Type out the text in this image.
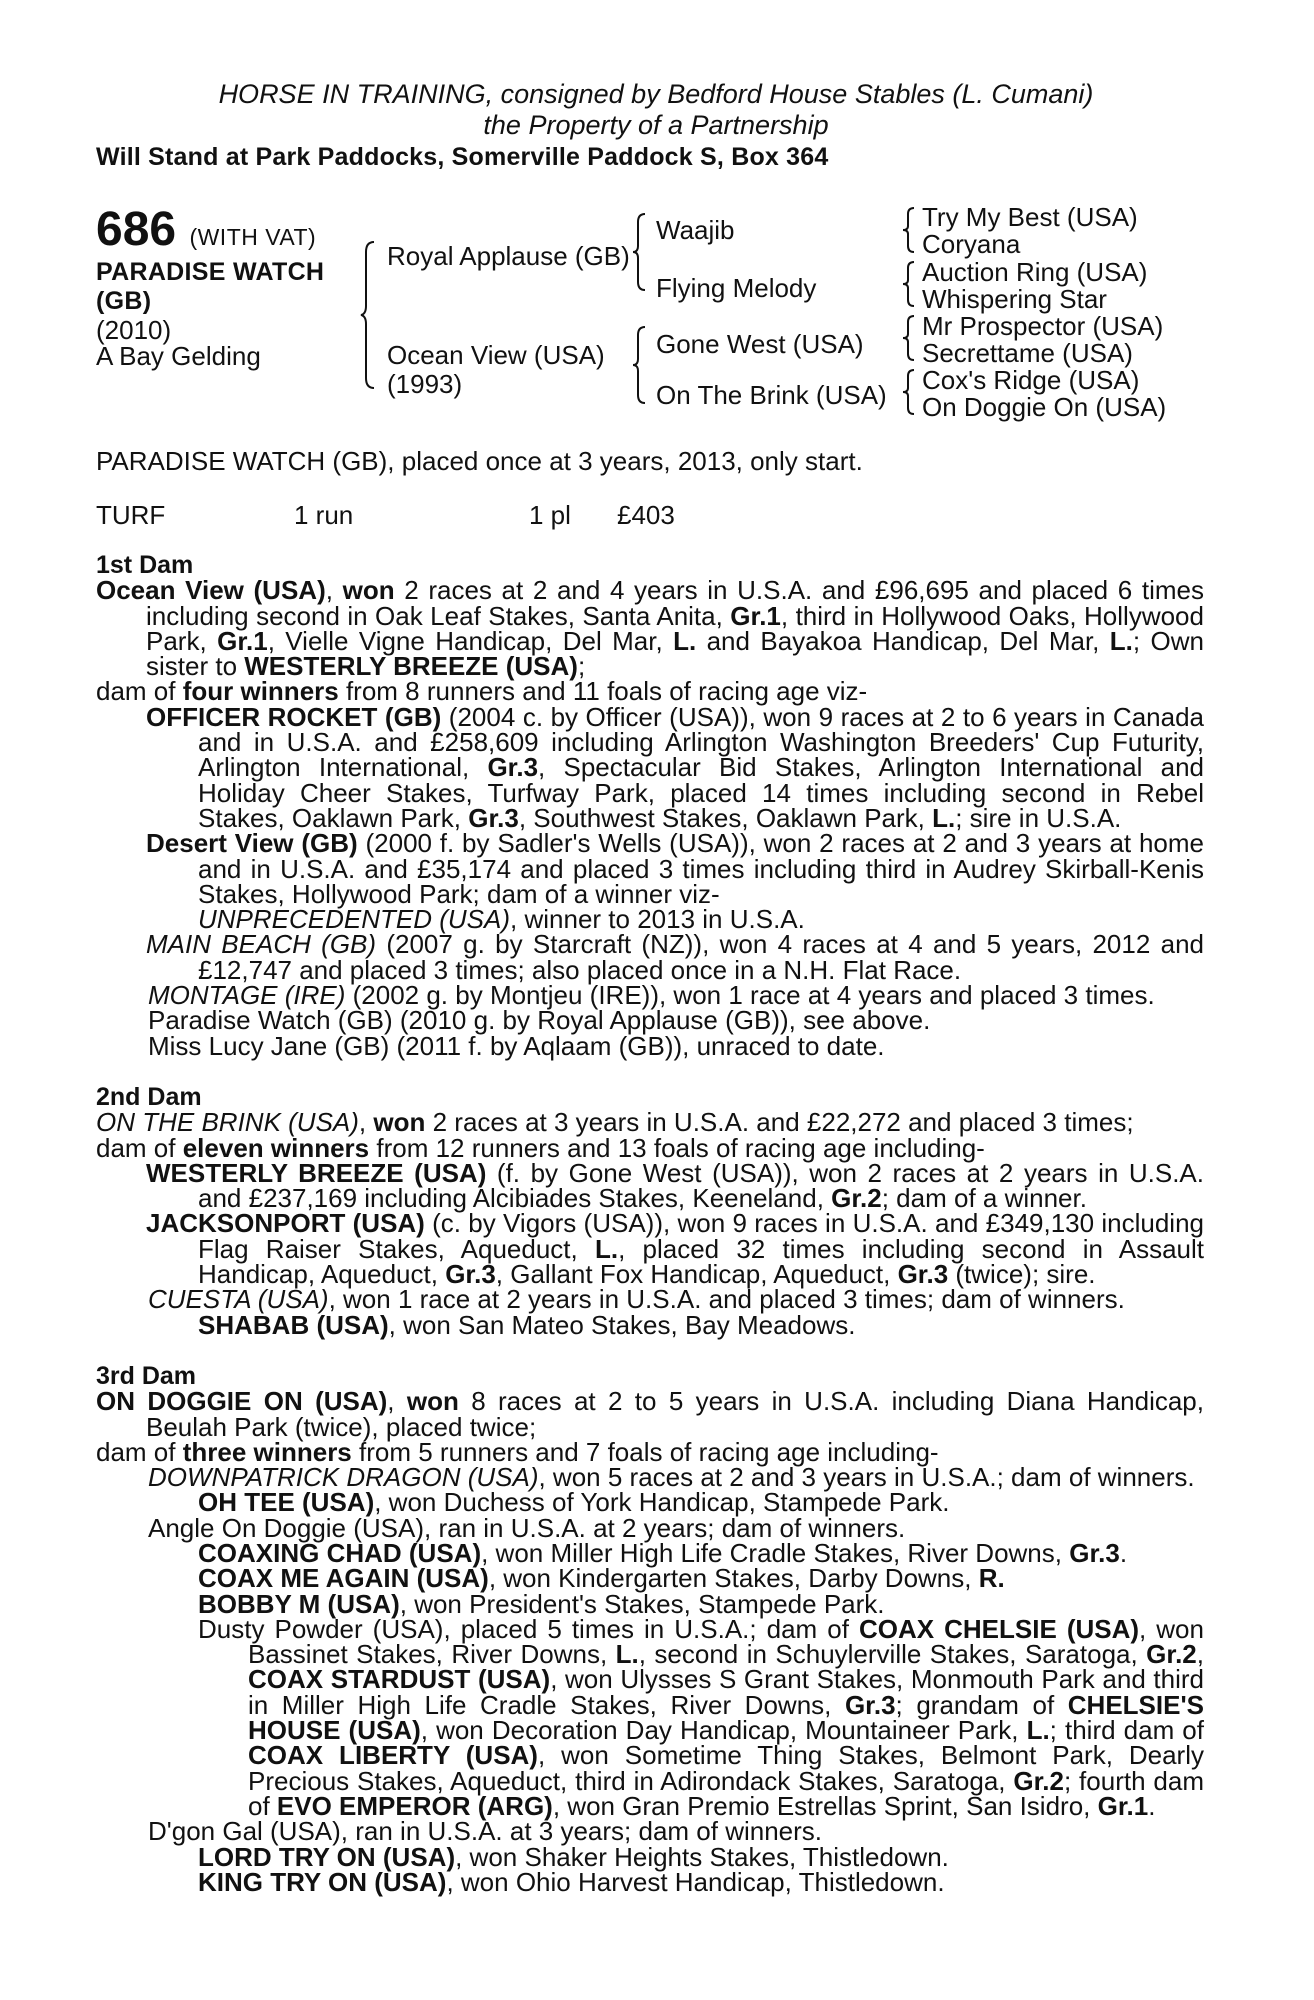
HORSE IN TRAINING, consigned by Bedford House Stables (L. Cumani)
the Property of a Partnership
Will Stand at Park Paddocks, Somerville Paddock S, Box 364
686 (WITH VAT)
PARADISE WATCH
(GB)
(2010)
A Bay Gelding
Royal Applause (GB)
Ocean View (USA)
(1993)
Waajib
Flying Melody
Gone West (USA)
On The Brink (USA)
Try My Best (USA)
Coryana
Auction Ring (USA)
Whispering Star
Mr Prospector (USA)
Secrettame (USA)
Cox's Ridge (USA)
On Doggie On (USA)
PARADISE WATCH (GB), placed once at 3 years, 2013, only start.
TURF	1 run	1 pl £403

1st Dam

Ocean View (USA), won 2 races at 2 and 4 years in U.S.A. and £96,695 and placed 6 times including second in Oak Leaf Stakes, Santa Anita, Gr.1, third in Hollywood Oaks, Hollywood Park, Gr.1, Vielle Vigne Handicap, Del Mar, L. and Bayakoa Handicap, Del Mar, L.; Own sister to WESTERLY BREEZE (USA);

dam of four winners from 8 runners and 11 foals of racing age viz-

OFFICER ROCKET (GB) (2004 c. by Officer (USA)), won 9 races at 2 to 6 years in Canada and in U.S.A. and £258,609 including Arlington Washington Breeders' Cup Futurity, Arlington International, Gr.3, Spectacular Bid Stakes, Arlington International and Holiday Cheer Stakes, Turfway Park, placed 14 times including second in Rebel Stakes, Oaklawn Park, Gr.3, Southwest Stakes, Oaklawn Park, L.; sire in U.S.A.

Desert View (GB) (2000 f. by Sadler's Wells (USA)), won 2 races at 2 and 3 years at home and in U.S.A. and £35,174 and placed 3 times including third in Audrey Skirball-Kenis Stakes, Hollywood Park; dam of a winner viz-

UNPRECEDENTED (USA), winner to 2013 in U.S.A.

MAIN BEACH (GB) (2007 g. by Starcraft (NZ)), won 4 races at 4 and 5 years, 2012 and £12,747 and placed 3 times; also placed once in a N.H. Flat Race.

MONTAGE (IRE) (2002 g. by Montjeu (IRE)), won 1 race at 4 years and placed 3 times.

Paradise Watch (GB) (2010 g. by Royal Applause (GB)), see above.

Miss Lucy Jane (GB) (2011 f. by Aqlaam (GB)), unraced to date.

2nd Dam

ON THE BRINK (USA), won 2 races at 3 years in U.S.A. and £22,272 and placed 3 times;

dam of eleven winners from 12 runners and 13 foals of racing age including-

WESTERLY BREEZE (USA) (f. by Gone West (USA)), won 2 races at 2 years in U.S.A. and £237,169 including Alcibiades Stakes, Keeneland, Gr.2; dam of a winner.

JACKSONPORT (USA) (c. by Vigors (USA)), won 9 races in U.S.A. and £349,130 including Flag Raiser Stakes, Aqueduct, L., placed 32 times including second in Assault Handicap, Aqueduct, Gr.3, Gallant Fox Handicap, Aqueduct, Gr.3 (twice); sire.

CUESTA (USA), won 1 race at 2 years in U.S.A. and placed 3 times; dam of winners.

SHABAB (USA), won San Mateo Stakes, Bay Meadows.

3rd Dam

ON DOGGIE ON (USA), won 8 races at 2 to 5 years in U.S.A. including Diana Handicap, Beulah Park (twice), placed twice;

dam of three winners from 5 runners and 7 foals of racing age including-

DOWNPATRICK DRAGON (USA), won 5 races at 2 and 3 years in U.S.A.; dam of winners.

OH TEE (USA), won Duchess of York Handicap, Stampede Park.

Angle On Doggie (USA), ran in U.S.A. at 2 years; dam of winners.

COAXING CHAD (USA), won Miller High Life Cradle Stakes, River Downs, Gr.3.

COAX ME AGAIN (USA), won Kindergarten Stakes, Darby Downs, R.

BOBBY M (USA), won President's Stakes, Stampede Park.

Dusty Powder (USA), placed 5 times in U.S.A.; dam of COAX CHELSIE (USA), won Bassinet Stakes, River Downs, L., second in Schuylerville Stakes, Saratoga, Gr.2, COAX STARDUST (USA), won Ulysses S Grant Stakes, Monmouth Park and third in Miller High Life Cradle Stakes, River Downs, Gr.3; grandam of CHELSIE'S HOUSE (USA), won Decoration Day Handicap, Mountaineer Park, L.; third dam of COAX LIBERTY (USA), won Sometime Thing Stakes, Belmont Park, Dearly Precious Stakes, Aqueduct, third in Adirondack Stakes, Saratoga, Gr.2; fourth dam of EVO EMPEROR (ARG), won Gran Premio Estrellas Sprint, San Isidro, Gr.1.

D'gon Gal (USA), ran in U.S.A. at 3 years; dam of winners.

LORD TRY ON (USA), won Shaker Heights Stakes, Thistledown.

KING TRY ON (USA), won Ohio Harvest Handicap, Thistledown.
